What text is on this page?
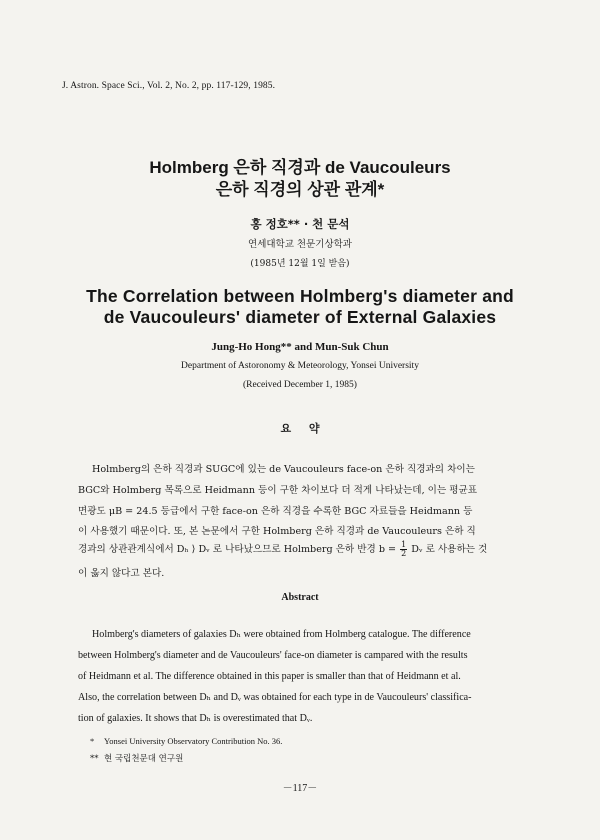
J. Astron. Space Sci., Vol. 2, No. 2, pp. 117-129, 1985.
Holmberg 은하 직경과 de Vaucouleurs
은하 직경의 상관 관계*
홍 정호** · 천 문석
연세대학교 천문기상학과
(1985년 12월 1일 받음)
The Correlation between Holmberg's diameter and
de Vaucouleurs' diameter of External Galaxies
Jung-Ho Hong** and Mun-Suk Chun
Department of Astoronomy & Meteorology, Yonsei University
(Received December 1, 1985)
요 약
Holmberg의 은하 직경과 SUGC에 있는 de Vaucouleurs face-on 은하 직경과의 차이는
BGC와 Holmberg 목록으로 Heidmann 등이 구한 차이보다 더 적게 나타났는데, 이는 평균표
면광도 μB = 24.5 등급에서 구한 face-on 은하 직경을 수록한 BGC 자료들을 Heidmann 등
이 사용했기 때문이다. 또, 본 논문에서 구한 Holmberg 은하 직경과 de Vaucouleurs 은하 직
경과의 상관관계식에서 Dₕ ⟩ Dᵥ 로 나타났으므로 Holmberg 은하 반경 $b = \frac{1}{2}$ Dᵥ 로 사용하는 것
이 옳지 않다고 본다.
Abstract
Holmberg's diameters of galaxies Dₕ were obtained from Holmberg catalogue. The difference
between Holmberg's diameter and de Vaucouleurs' face-on diameter is campared with the results
of Heidmann et al. The difference obtained in this paper is smaller than that of Heidmann et al.
Also, the correlation between Dₕ and Dᵥ was obtained for each type in de Vaucouleurs' classifica-
tion of galaxies. It shows that Dₕ is overestimated that Dᵥ.
* Yonsei University Observatory Contribution No. 36.
** 현 국립천문대 연구원
－117－
